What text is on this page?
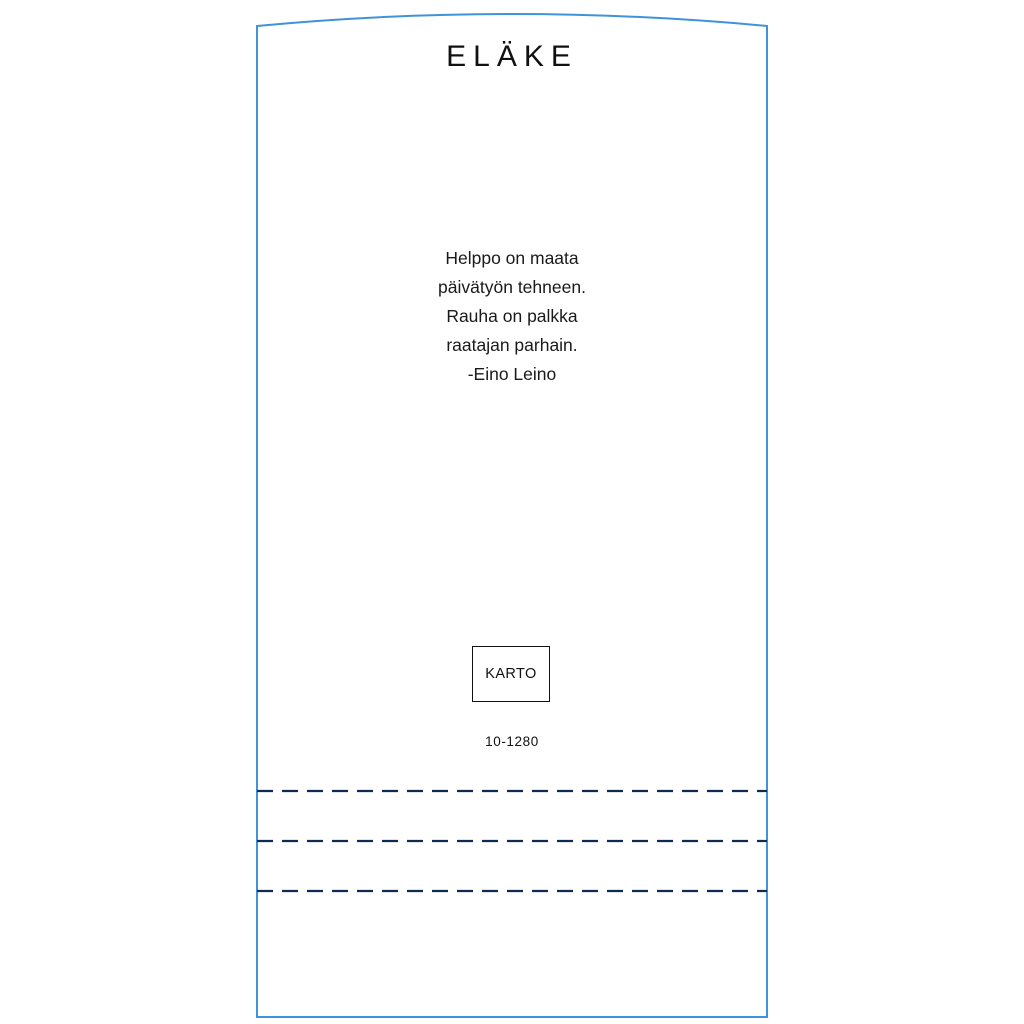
ELÄKE
Helppo on maata
päivätyön tehneen.
Rauha on palkka
raatajan parhain.
-Eino Leino
KARTO
10-1280
